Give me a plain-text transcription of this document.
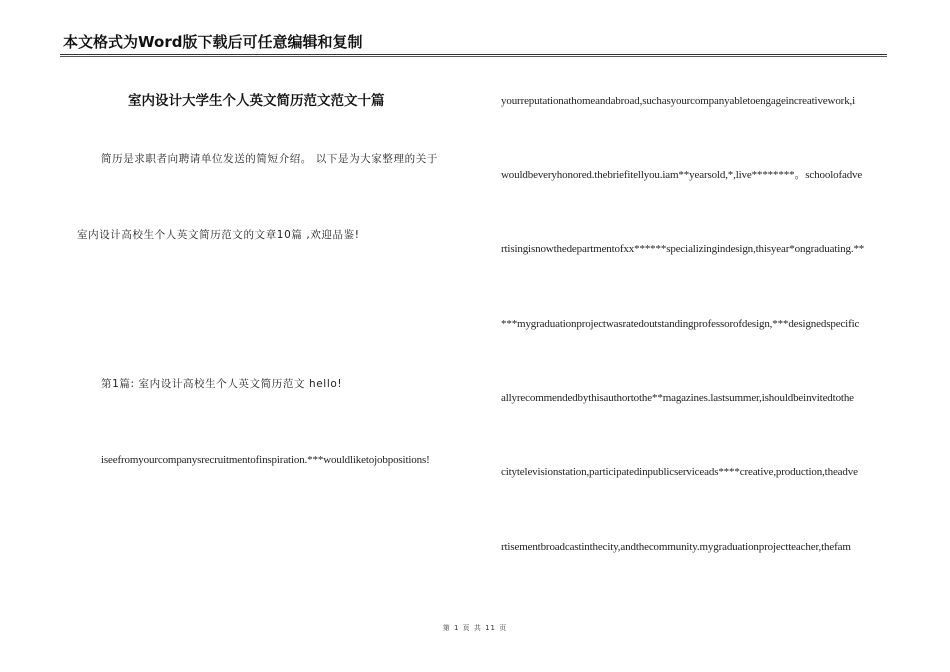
本文格式为Word版下载后可任意编辑和复制
室内设计大学生个人英文简历范文范文十篇
简历是求职者向聘请单位发送的简短介绍。 以下是为大家整理的关于
室内设计高校生个人英文简历范文的文章10篇 ,欢迎品鉴!
第1篇: 室内设计高校生个人英文简历范文 hello!
iseefromyourcompanysrecruitmentofinspiration.***wouldliketojobpositions!
yourreputationathomeandabroad,suchasyourcompanyabletoengageincreativework,i
wouldbeveryhonored.thebriefitellyou.iam**yearsold,*,live********。schoolofadve
rtisingisnowthedepartmentofxx******specializingindesign,thisyear*ongraduating.**
***mygraduationprojectwasratedoutstandingprofessorofdesign,***designedspecific
allyrecommendedbythisauthortothe**magazines.lastsummer,ishouldbeinvitedtothe
citytelevisionstation,participatedinpublicserviceads****creative,production,theadve
rtisementbroadcastinthecity,andthecommunity.mygraduationprojectteacher,thefam
第 1 页 共 11 页
